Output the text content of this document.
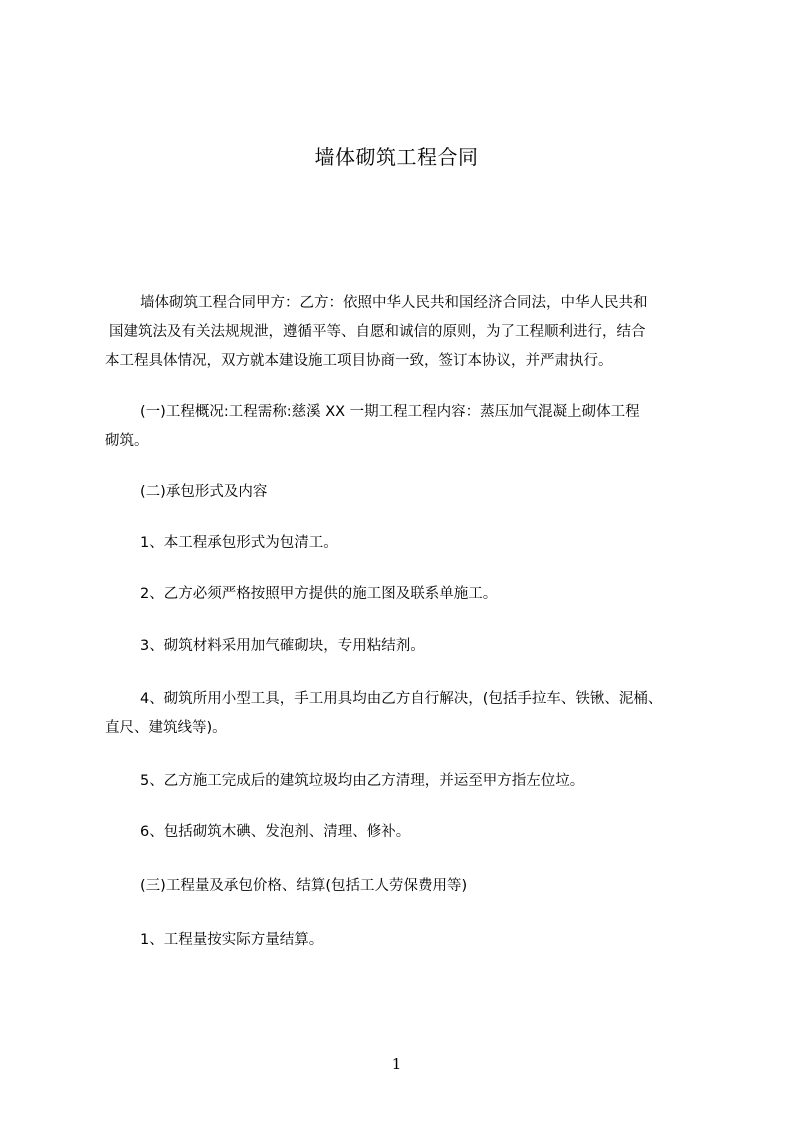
墙体砌筑工程合同
墙体砌筑工程合同甲方：乙方：依照中华人民共和国经济合同法，中华人民共和
国建筑法及有关法规规泄，遵循平等、自愿和诚信的原则，为了工程顺利进行，结合
本工程具体情况，双方就本建设施工项目协商一致，签订本协议，并严肃执行。
(一)工程概况:工程需称:慈溪 XX 一期工程工程内容：蒸压加气混凝上砌体工程
砌筑。
(二)承包形式及内容
1、本工程承包形式为包清工。
2、乙方必须严格按照甲方提供的施工图及联系单施工。
3、砌筑材料采用加气確砌块，专用粘结剂。
4、砌筑所用小型工具，手工用具均由乙方自行解决，(包括手拉车、铁锹、泥桶、
直尺、建筑线等)。
5、乙方施工完成后的建筑垃圾均由乙方清理，并运至甲方指左位垃。
6、包括砌筑木碘、发泡剂、清理、修补。
(三)工程量及承包价格、结算(包括工人劳保费用等)
1、工程量按实际方量结算。
1
